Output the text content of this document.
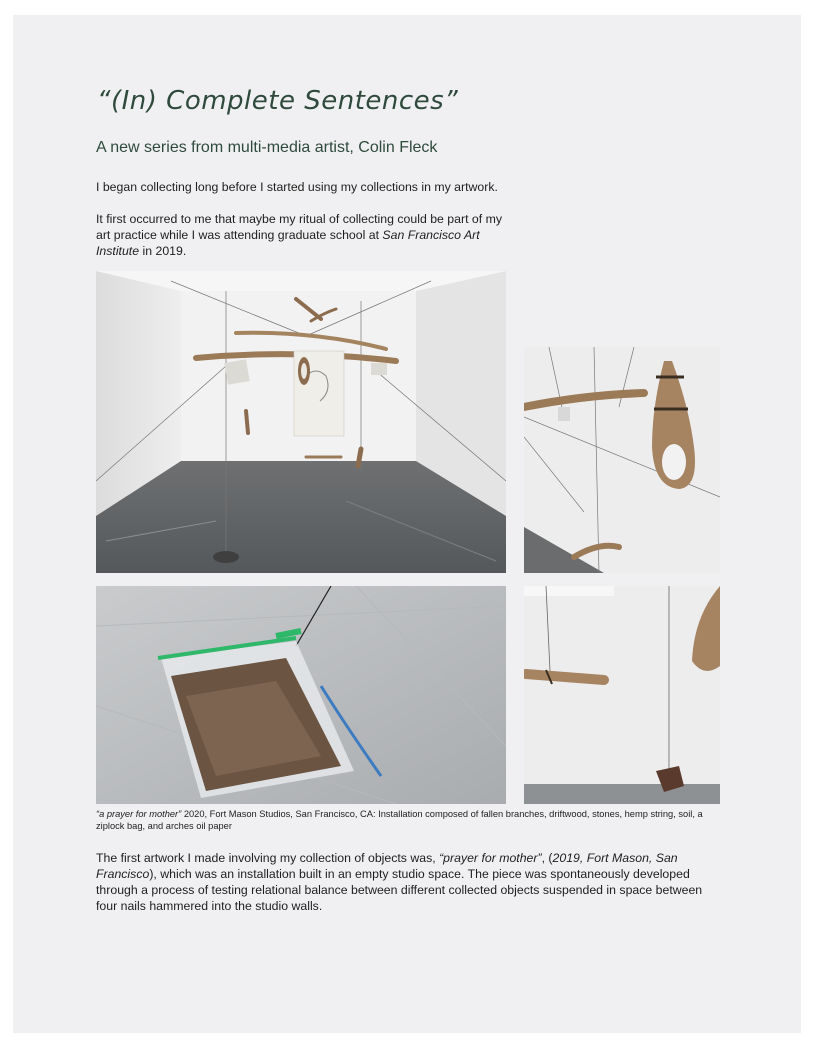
“(In) Complete Sentences”
A new series from multi-media artist, Colin Fleck

I began collecting long before I started using my collections in my artwork.

It first occurred to me that maybe my ritual of collecting could be part of my art practice while I was attending graduate school at San Francisco Art Institute in 2019.

“a prayer for mother” 2020, Fort Mason Studios, San Francisco, CA: Installation composed of fallen branches, driftwood, stones, hemp string, soil, a ziplock bag, and arches oil paper

The first artwork I made involving my collection of objects was, “prayer for mother”, (2019, Fort Mason, San Francisco), which was an installation built in an empty studio space. The piece was spontaneously developed through a process of testing relational balance between different collected objects suspended in space between four nails hammered into the studio walls.
